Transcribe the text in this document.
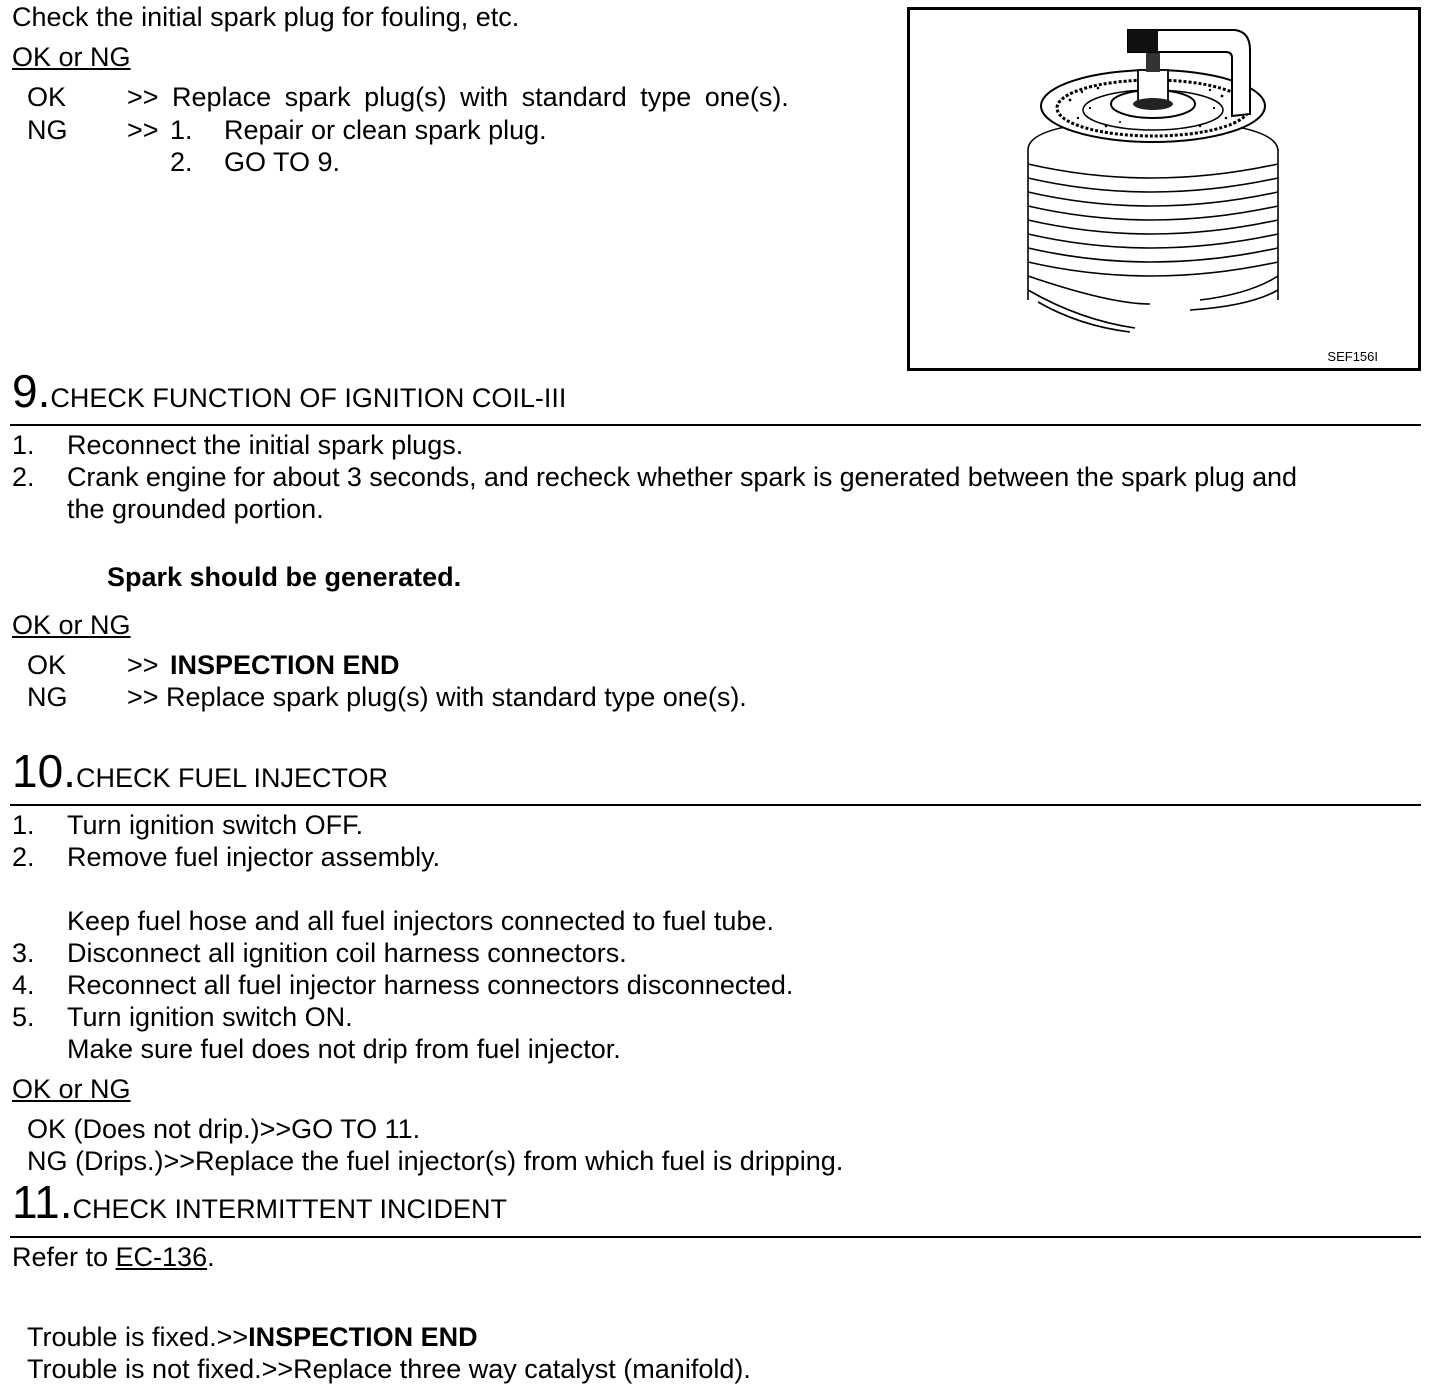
Check the initial spark plug for fouling, etc.
OK or NG
OK >> Replace spark plug(s) with standard type one(s).
NG >> 1. Repair or clean spark plug.
2. GO TO 9.
SEF156I
9.CHECK FUNCTION OF IGNITION COIL-III
1. Reconnect the initial spark plugs.
2. Crank engine for about 3 seconds, and recheck whether spark is generated between the spark plug and
the grounded portion.
Spark should be generated.
OK or NG
OK >> INSPECTION END
NG >> Replace spark plug(s) with standard type one(s).
10.CHECK FUEL INJECTOR
1. Turn ignition switch OFF.
2. Remove fuel injector assembly.
Keep fuel hose and all fuel injectors connected to fuel tube.
3. Disconnect all ignition coil harness connectors.
4. Reconnect all fuel injector harness connectors disconnected.
5. Turn ignition switch ON.
Make sure fuel does not drip from fuel injector.
OK or NG
OK (Does not drip.)>>GO TO 11.
NG (Drips.)>>Replace the fuel injector(s) from which fuel is dripping.
11.CHECK INTERMITTENT INCIDENT
Refer to EC-136.
Trouble is fixed.>>INSPECTION END
Trouble is not fixed.>>Replace three way catalyst (manifold).
